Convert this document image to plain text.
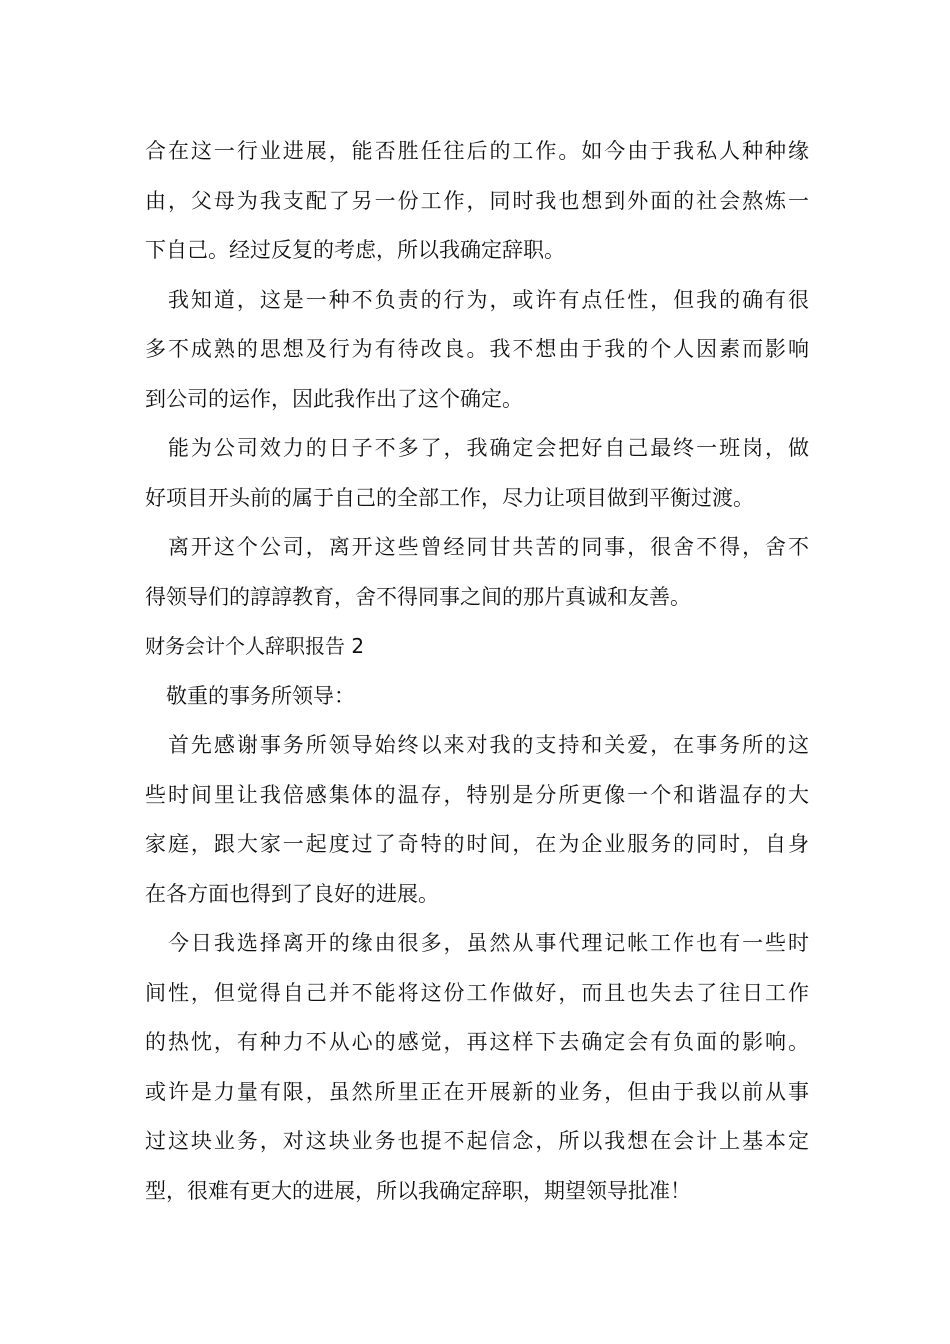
合在这一行业进展，能否胜任往后的工作。如今由于我私人种种缘
由，父母为我支配了另一份工作，同时我也想到外面的社会熬炼一
下自己。经过反复的考虑，所以我确定辞职。

　我知道，这是一种不负责的行为，或许有点任性，但我的确有很
多不成熟的思想及行为有待改良。我不想由于我的个人因素而影响
到公司的运作，因此我作出了这个确定。

　能为公司效力的日子不多了，我确定会把好自己最终一班岗，做
好项目开头前的属于自己的全部工作，尽力让项目做到平衡过渡。

　离开这个公司，离开这些曾经同甘共苦的同事，很舍不得，舍不
得领导们的諄諄教育，舍不得同事之间的那片真诚和友善。

财务会计个人辞职报告 2

　敬重的事务所领导：

　首先感谢事务所领导始终以来对我的支持和关爱，在事务所的这
些时间里让我倍感集体的温存，特别是分所更像一个和谐温存的大
家庭，跟大家一起度过了奇特的时间，在为企业服务的同时，自身
在各方面也得到了良好的进展。

　今日我选择离开的缘由很多，虽然从事代理记帐工作也有一些时
间性，但觉得自己并不能将这份工作做好，而且也失去了往日工作
的热忱，有种力不从心的感觉，再这样下去确定会有负面的影响。
或许是力量有限，虽然所里正在开展新的业务，但由于我以前从事
过这块业务，对这块业务也提不起信念，所以我想在会计上基本定
型，很难有更大的进展，所以我确定辞职，期望领导批准！
